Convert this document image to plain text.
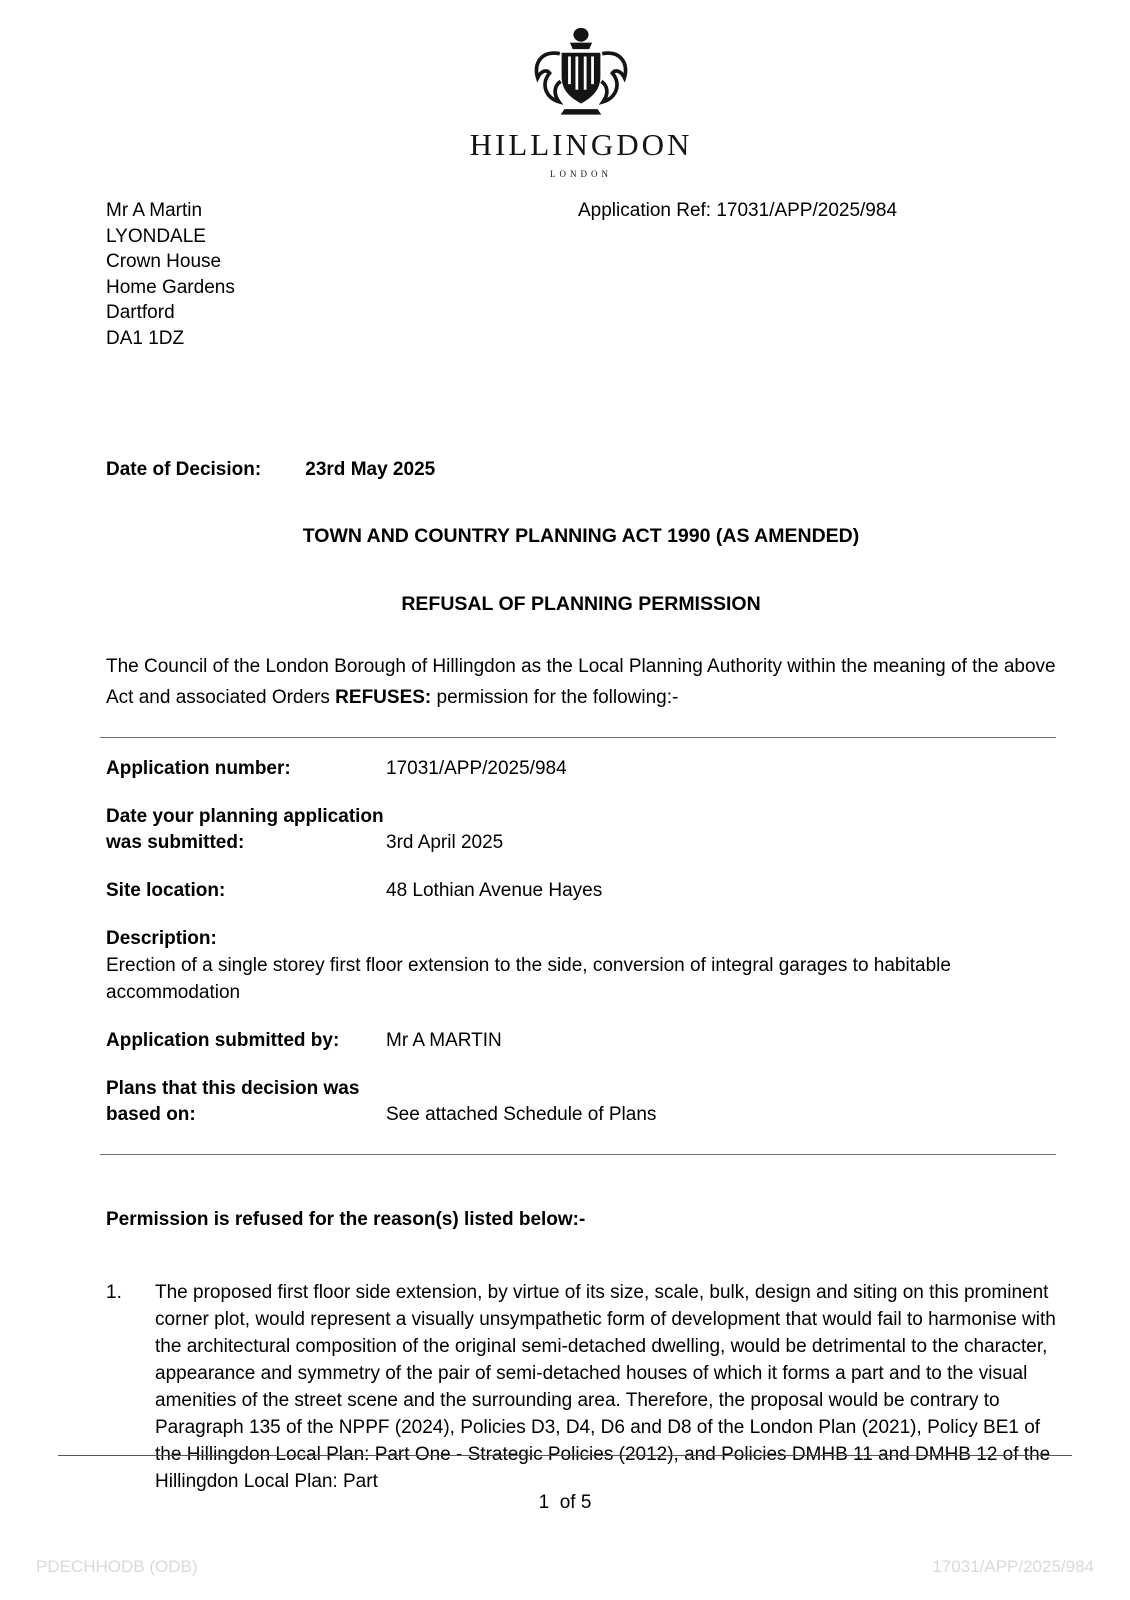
HILLINGDON
LONDON
Mr A Martin
LYONDALE
Crown House
Home Gardens
Dartford
DA1 1DZ
Application Ref: 17031/APP/2025/984
Date of Decision: 23rd May 2025
TOWN AND COUNTRY PLANNING ACT 1990 (AS AMENDED)
REFUSAL OF PLANNING PERMISSION
The Council of the London Borough of Hillingdon as the Local Planning Authority within the meaning of the above Act and associated Orders REFUSES: permission for the following:-
Application number:	17031/APP/2025/984
Date your planning application was submitted:	3rd April 2025
Site location:	48 Lothian Avenue Hayes
Description:
Erection of a single storey first floor extension to the side, conversion of integral garages to habitable accommodation
Application submitted by:	Mr A MARTIN
Plans that this decision was based on:	See attached Schedule of Plans
Permission is refused for the reason(s) listed below:-
1.	The proposed first floor side extension, by virtue of its size, scale, bulk, design and siting on this prominent corner plot, would represent a visually unsympathetic form of development that would fail to harmonise with the architectural composition of the original semi-detached dwelling, would be detrimental to the character, appearance and symmetry of the pair of semi-detached houses of which it forms a part and to the visual amenities of the street scene and the surrounding area. Therefore, the proposal would be contrary to Paragraph 135 of the NPPF (2024), Policies D3, D4, D6 and D8 of the London Plan (2021), Policy BE1 of the Hillingdon Local Plan: Part One - Strategic Policies (2012), and Policies DMHB 11 and DMHB 12 of the Hillingdon Local Plan: Part
1  of 5
PDECHHODB (ODB)	17031/APP/2025/984
